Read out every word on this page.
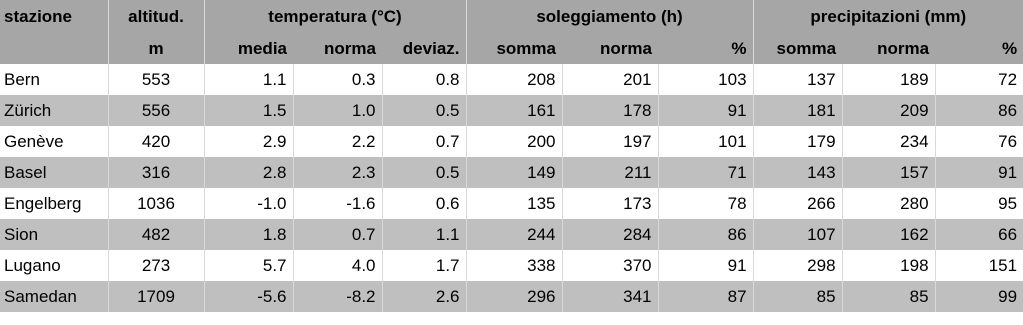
stazione	altitud.	temperatura (°C)			soleggiamento (h)			precipitazioni (mm)		
	m	media	norma	deviaz.	somma	norma	%	somma	norma	%
Bern	553	1.1	0.3	0.8	208	201	103	137	189	72
Zürich	556	1.5	1.0	0.5	161	178	91	181	209	86
Genève	420	2.9	2.2	0.7	200	197	101	179	234	76
Basel	316	2.8	2.3	0.5	149	211	71	143	157	91
Engelberg	1036	-1.0	-1.6	0.6	135	173	78	266	280	95
Sion	482	1.8	0.7	1.1	244	284	86	107	162	66
Lugano	273	5.7	4.0	1.7	338	370	91	298	198	151
Samedan	1709	-5.6	-8.2	2.6	296	341	87	85	85	99
